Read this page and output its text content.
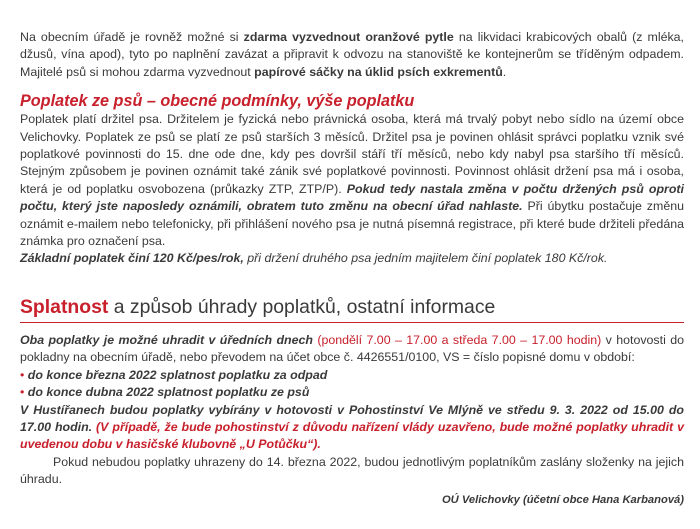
Na obecním úřadě je rovněž možné si zdarma vyzvednout oranžové pytle na likvidaci krabicových obalů (z mléka, džusů, vína apod), tyto po naplnění zavázat a připravit k odvozu na stanoviště ke kontejnerům se tříděným odpadem. Majitelé psů si mohou zdarma vyzvednout papírové sáčky na úklid psích exkrementů.

Poplatek ze psů – obecné podmínky, výše poplatku

Poplatek platí držitel psa. Držitelem je fyzická nebo právnická osoba, která má trvalý pobyt nebo sídlo na území obce Velichovky. Poplatek ze psů se platí ze psů starších 3 měsíců. Držitel psa je povinen ohlásit správci poplatku vznik své poplatkové povinnosti do 15. dne ode dne, kdy pes dovršil stáří tří měsíců, nebo kdy nabyl psa staršího tří měsíců. Stejným způsobem je povinen oznámit také zánik své poplatkové povinnosti. Povinnost ohlásit držení psa má i osoba, která je od poplatku osvobozena (průkazky ZTP, ZTP/P). Pokud tedy nastala změna v počtu držených psů oproti počtu, který jste naposledy oznámili, obratem tuto změnu na obecní úřad nahlaste. Při úbytku postačuje změnu oznámit e-mailem nebo telefonicky, při přihlášení nového psa je nutná písemná registrace, při které bude držiteli předána známka pro označení psa.

Základní poplatek činí 120 Kč/pes/rok, při držení druhého psa jedním majitelem činí poplatek 180 Kč/rok.

Splatnost a způsob úhrady poplatků, ostatní informace

Oba poplatky je možné uhradit v úředních dnech (pondělí 7.00 – 17.00 a středa 7.00 – 17.00 hodin) v hotovosti do pokladny na obecním úřadě, nebo převodem na účet obce č. 4426551/0100, VS = číslo popisné domu v období:

• do konce března 2022 splatnost poplatku za odpad

• do konce dubna 2022 splatnost poplatku ze psů

V Hustířanech budou poplatky vybírány v hotovosti v Pohostinství Ve Mlýně ve středu 9. 3. 2022 od 15.00 do 17.00 hodin. (V případě, že bude pohostinství z důvodu nařízení vlády uzavřeno, bude možné poplatky uhradit v uvedenou dobu v hasičské klubovně „U Potůčku“).

Pokud nebudou poplatky uhrazeny do 14. března 2022, budou jednotlivým poplatníkům zaslány složenky na jejich úhradu.

OÚ Velichovky (účetní obce Hana Karbanová)
